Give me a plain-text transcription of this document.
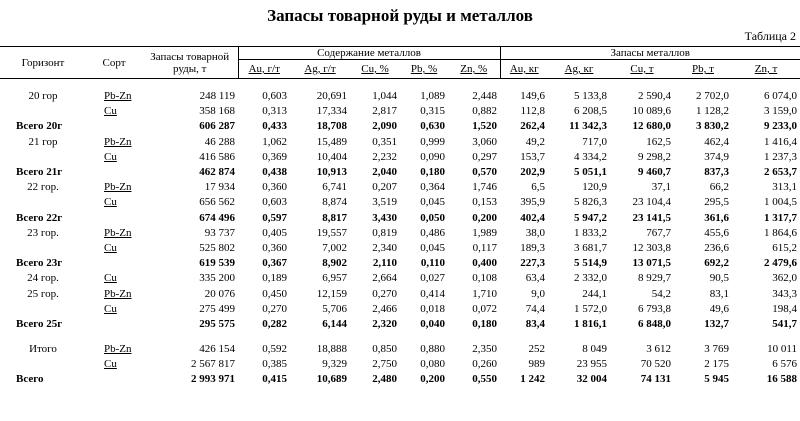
Запасы товарной руды и металлов
Таблица 2
Горизонт	Сорт	Запасы товарной
руды, т	Содержание металлов					Запасы металлов				
			Au, г/т	Ag, г/т	Cu, %	Pb, %	Zn, %	Au, кг	Ag, кг	Cu, т	Pb, т	Zn, т

20 гор	Pb-Zn	248 119	0,603	20,691	1,044	1,089	2,448	149,6	5 133,8	2 590,4	2 702,0	6 074,0
	Cu	358 168	0,313	17,334	2,817	0,315	0,882	112,8	6 208,5	10 089,6	1 128,2	3 159,0
Всего 20г		606 287	0,433	18,708	2,090	0,630	1,520	262,4	11 342,3	12 680,0	3 830,2	9 233,0
21 гор	Pb-Zn	46 288	1,062	15,489	0,351	0,999	3,060	49,2	717,0	162,5	462,4	1 416,4
	Cu	416 586	0,369	10,404	2,232	0,090	0,297	153,7	4 334,2	9 298,2	374,9	1 237,3
Всего 21г		462 874	0,438	10,913	2,040	0,180	0,570	202,9	5 051,1	9 460,7	837,3	2 653,7
22 гор.	Pb-Zn	17 934	0,360	6,741	0,207	0,364	1,746	6,5	120,9	37,1	66,2	313,1
	Cu	656 562	0,603	8,874	3,519	0,045	0,153	395,9	5 826,3	23 104,4	295,5	1 004,5
Всего 22г		674 496	0,597	8,817	3,430	0,050	0,200	402,4	5 947,2	23 141,5	361,6	1 317,7
23 гор.	Pb-Zn	93 737	0,405	19,557	0,819	0,486	1,989	38,0	1 833,2	767,7	455,6	1 864,6
	Cu	525 802	0,360	7,002	2,340	0,045	0,117	189,3	3 681,7	12 303,8	236,6	615,2
Всего 23г		619 539	0,367	8,902	2,110	0,110	0,400	227,3	5 514,9	13 071,5	692,2	2 479,6
24 гор.	Cu	335 200	0,189	6,957	2,664	0,027	0,108	63,4	2 332,0	8 929,7	90,5	362,0
25 гор.	Pb-Zn	20 076	0,450	12,159	0,270	0,414	1,710	9,0	244,1	54,2	83,1	343,3
	Cu	275 499	0,270	5,706	2,466	0,018	0,072	74,4	1 572,0	6 793,8	49,6	198,4
Всего 25г		295 575	0,282	6,144	2,320	0,040	0,180	83,4	1 816,1	6 848,0	132,7	541,7

Итого	Pb-Zn	426 154	0,592	18,888	0,850	0,880	2,350	252	8 049	3 612	3 769	10 011
	Cu	2 567 817	0,385	9,329	2,750	0,080	0,260	989	23 955	70 520	2 175	6 576
Всего		2 993 971	0,415	10,689	2,480	0,200	0,550	1 242	32 004	74 131	5 945	16 588
